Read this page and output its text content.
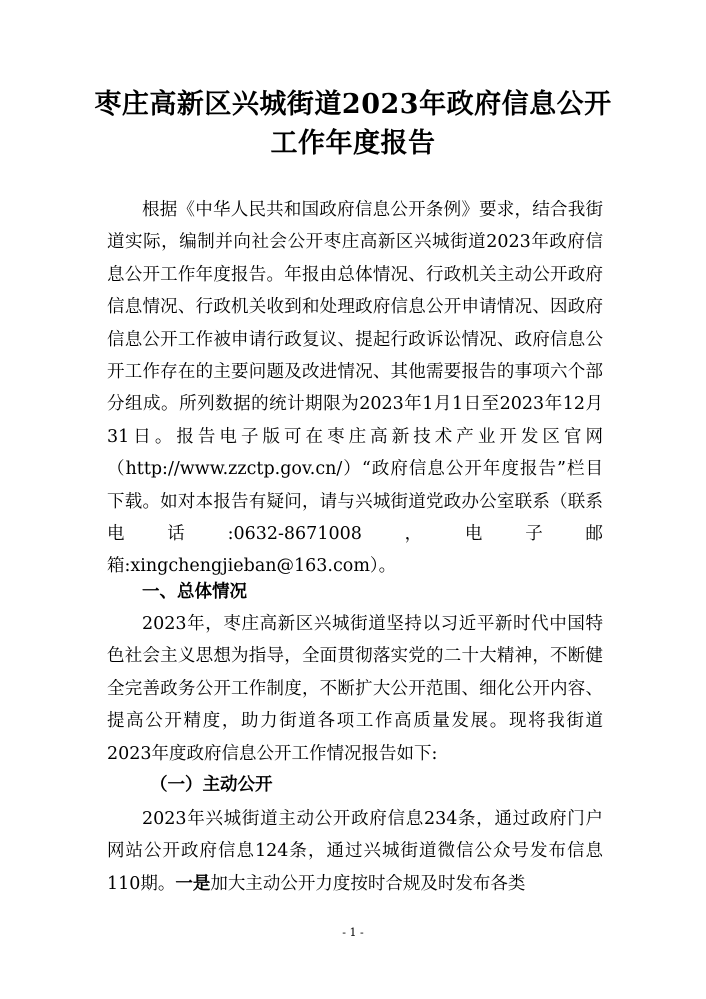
枣庄高新区兴城街道2023年政府信息公开
工作年度报告

根据《中华人民共和国政府信息公开条例》要求，结合我街道实际，编制并向社会公开枣庄高新区兴城街道2023年政府信息公开工作年度报告。年报由总体情况、行政机关主动公开政府信息情况、行政机关收到和处理政府信息公开申请情况、因政府信息公开工作被申请行政复议、提起行政诉讼情况、政府信息公开工作存在的主要问题及改进情况、其他需要报告的事项六个部分组成。所列数据的统计期限为2023年1月1日至2023年12月31日。报告电子版可在枣庄高新技术产业开发区官网（http://www.zzctp.gov.cn/）“政府信息公开年度报告”栏目下载。如对本报告有疑问，请与兴城街道党政办公室联系（联系电话:0632-8671008，电子邮箱:xingchengjieban@163.com）。

一、总体情况

2023年，枣庄高新区兴城街道坚持以习近平新时代中国特色社会主义思想为指导，全面贯彻落实党的二十大精神，不断健全完善政务公开工作制度，不断扩大公开范围、细化公开内容、提高公开精度，助力街道各项工作高质量发展。现将我街道2023年度政府信息公开工作情况报告如下:

（一）主动公开

2023年兴城街道主动公开政府信息234条，通过政府门户网站公开政府信息124条，通过兴城街道微信公众号发布信息110期。一是加大主动公开力度按时合规及时发布各类

- 1 -
